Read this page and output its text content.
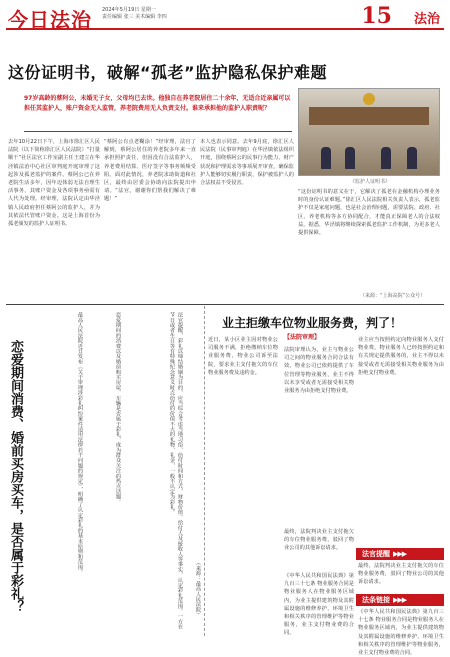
今日法治 2024年5月19日 星期一
责任编辑 张三 美术编辑 李四	15 法治
这份证明书，破解“孤老”监护隐私保护难题
97岁高龄的蔡阿公，未婚无子女，父母均已去世。他独自在养老院居住二十余年，无适合近亲属可以担任其监护人，账户资金无人监管，养老院费用无人负责支付。谁来承担他的监护人职责呢？
《监护人证明书》
去年10月22日下午，上海市徐汇区人民法院（以下简称徐汇区人民法院）“打量顺干”社区法官工作室副主任王建立在华泾镇法治中心社区审判庭开庭审理了这起涉及孤老监护的案件。蔡阿公已在养老院生活多年，因年迈体弱无法自理生活事务，其账户资金及各项事务亟需有人代为处理。经审理，法院认定由华泾镇人民政府担任蔡阿公的监护人，并为其依法代管账户资金。这是上海首份为孤老颁发的监护人证明书。
“蔡阿公有点老糊涂！”经审理，法官了解到，蔡阿公居住的养老院多年来一直承担照护责任，但因没有合法监护人，养老费用结算、医疗签字等事务频频受阻。面对此情况，养老院求助街道和社区，最终由居委会协助向法院提出申请。“法官，谢谢你们帮我们解决了难题！”
本人也表示同意。去年9月底，徐汇区人民法院（民事审判庭）在华泾镇依法组织开庭，围绕蔡阿公的民事行为能力、财产状况和护理需求等事项展开审查，确保监护人能够切实履行职责，保护被监护人的合法权益不受侵害。
“这份证明书的意义在于，它解决了孤老在金融机构办理业务时的身份认证难题。”徐汇区人民法院相关负责人表示，孤老监护不仅是家庭问题，也是社会治理问题，需要法院、政府、社区、养老机构等多方协同配合，才能真正保障老人的合法权益。据悉，华泾镇将继续探索孤老监护工作机制，为更多老人提供保障。
（来源：“上海高院”公众号）
恋爱期间消费、婚前买房买车，是否属于彩礼？	最高人民法院近日发布《关于审理涉彩礼纠纷案件适用法律若干问题的规定》，明确了认定彩礼的基本原则和范围。	恋爱期间的消费以及婚前购买房屋、车辆是否属于彩礼，成为群众关注的热点话题。	法官提醒，彩礼以缔结婚姻为目的，应当综合考虑当地习俗、给付时间和方式、财物价值、给付人及接收人等事实，认定彩礼范围。一方在节日或者生日等有特殊纪念意义时点给付的价值不大的礼物、礼金，一般不认定为彩礼。
（来源：最高人民法院）
业主拒缴车位物业服务费，判了！
近日，某小区业主因对物业公司服务不满，拒绝缴纳车位物业服务费，物业公司诉至法院，要求业主支付拖欠的车位物业服务费及违约金。
【法院审理】
法院审理认为，业主与物业公司之间的物业服务合同合法有效，物业公司已依约提供了车位管理等物业服务，业主不得以未享受或者无需接受相关物业服务为由拒绝支付物业费。
最终，法院判决业主支付拖欠的车位物业服务费，驳回了物业公司的其他诉讼请求。
《中华人民共和国民法典》第九百三十七条 物业服务合同是物业服务人在物业服务区域内，为业主提供建筑物及其附属设施的维修养护、环境卫生和相关秩序的管理维护等物业服务，业主支付物业费的合同。
业主应当按照约定向物业服务人支付物业费。物业服务人已经按照约定和有关规定提供服务的，业主不得以未接受或者无需接受相关物业服务为由拒绝支付物业费。
法官提醒 ▶▶▶
最终，法院判决业主支付拖欠的车位物业服务费，驳回了物业公司的其他诉讼请求。
法条链接 ▶▶▶
《中华人民共和国民法典》第九百三十七条 物业服务合同是物业服务人在物业服务区域内，为业主提供建筑物及其附属设施的维修养护、环境卫生和相关秩序的管理维护等物业服务，业主支付物业费的合同。
